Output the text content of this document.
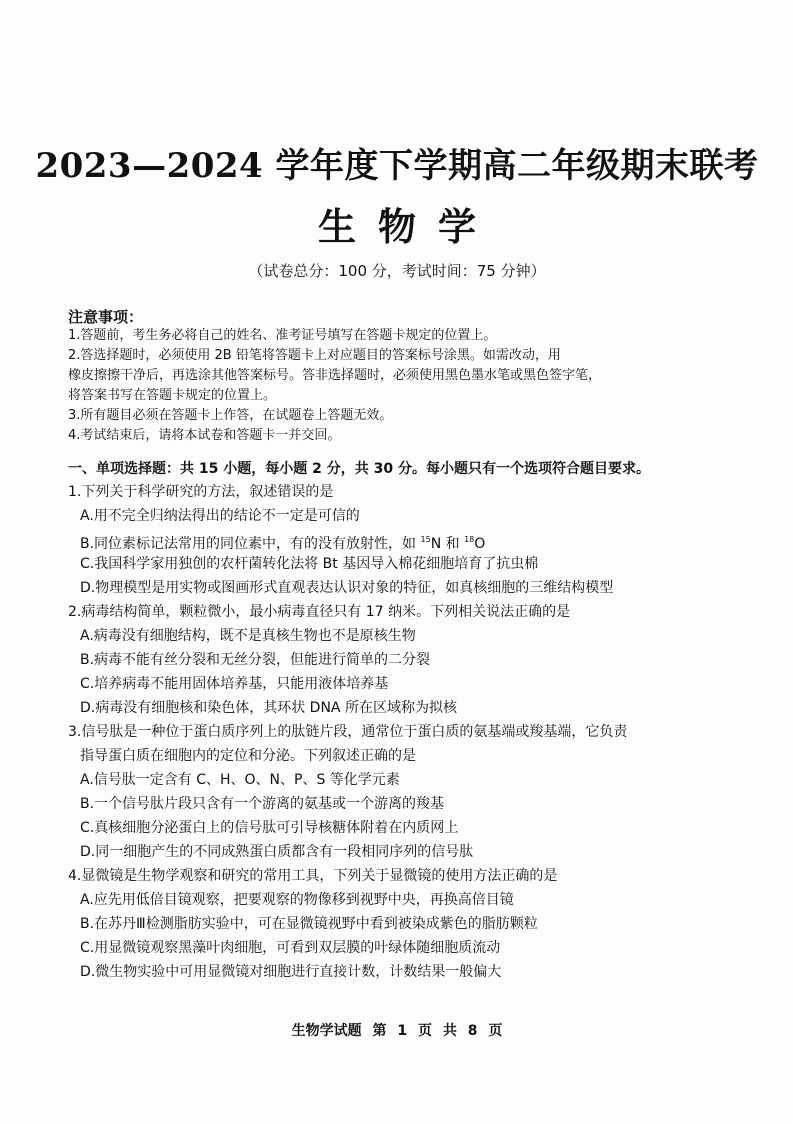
2023—2024 学年度下学期高二年级期末联考
生物学
（试卷总分：100 分，考试时间：75 分钟）
注意事项：
1.答题前，考生务必将自己的姓名、准考证号填写在答题卡规定的位置上。
2.答选择题时，必须使用 2B 铅笔将答题卡上对应题目的答案标号涂黑。如需改动，用
橡皮擦擦干净后，再选涂其他答案标号。答非选择题时，必须使用黑色墨水笔或黑色签字笔，
将答案书写在答题卡规定的位置上。
3.所有题目必须在答题卡上作答，在试题卷上答题无效。
4.考试结束后，请将本试卷和答题卡一并交回。
一、单项选择题：共 15 小题，每小题 2 分，共 30 分。每小题只有一个选项符合题目要求。
1.下列关于科学研究的方法，叙述错误的是
A.用不完全归纳法得出的结论不一定是可信的
B.同位素标记法常用的同位素中，有的没有放射性，如 $^{15}$N 和 $^{18}$O
C.我国科学家用独创的农杆菌转化法将 Bt 基因导入棉花细胞培育了抗虫棉
D.物理模型是用实物或图画形式直观表达认识对象的特征，如真核细胞的三维结构模型
2.病毒结构简单，颗粒微小，最小病毒直径只有 17 纳米。下列相关说法正确的是
A.病毒没有细胞结构，既不是真核生物也不是原核生物
B.病毒不能有丝分裂和无丝分裂，但能进行简单的二分裂
C.培养病毒不能用固体培养基，只能用液体培养基
D.病毒没有细胞核和染色体，其环状 DNA 所在区域称为拟核
3.信号肽是一种位于蛋白质序列上的肽链片段，通常位于蛋白质的氨基端或羧基端，它负责
指导蛋白质在细胞内的定位和分泌。下列叙述正确的是
A.信号肽一定含有 C、H、O、N、P、S 等化学元素
B.一个信号肽片段只含有一个游离的氨基或一个游离的羧基
C.真核细胞分泌蛋白上的信号肽可引导核糖体附着在内质网上
D.同一细胞产生的不同成熟蛋白质都含有一段相同序列的信号肽
4.显微镜是生物学观察和研究的常用工具，下列关于显微镜的使用方法正确的是
A.应先用低倍目镜观察，把要观察的物像移到视野中央，再换高倍目镜
B.在苏丹Ⅲ检测脂肪实验中，可在显微镜视野中看到被染成紫色的脂肪颗粒
C.用显微镜观察黑藻叶肉细胞，可看到双层膜的叶绿体随细胞质流动
D.微生物实验中可用显微镜对细胞进行直接计数，计数结果一般偏大
生物学试题 第 1 页 共 8 页
